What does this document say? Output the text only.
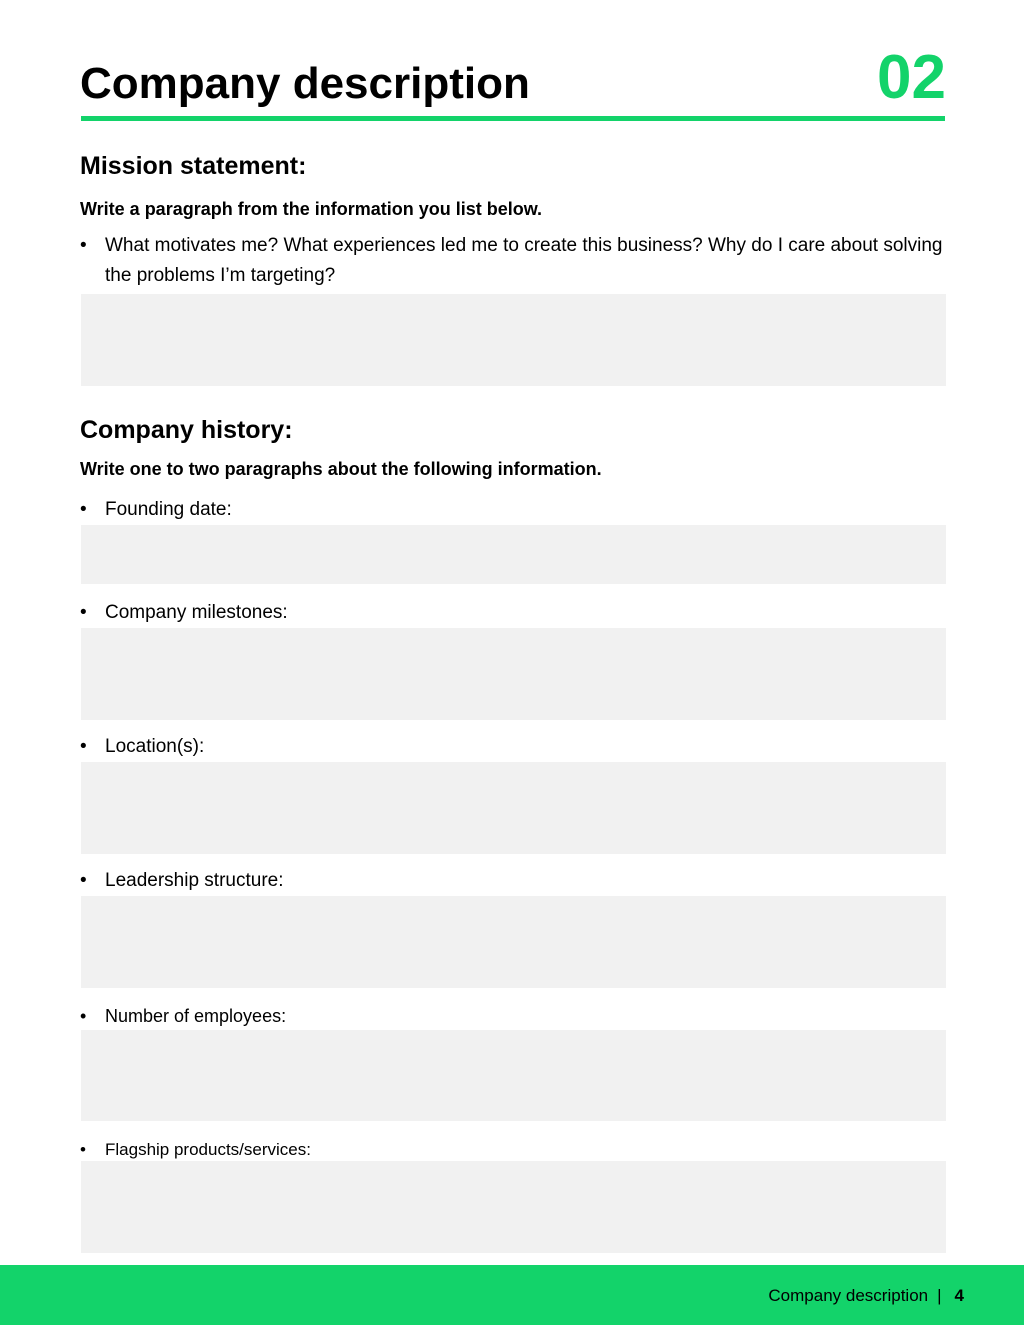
Company description	02
Mission statement:
Write a paragraph from the information you list below.
• What motivates me? What experiences led me to create this business? Why do I care about solving the problems I’m targeting?
Company history:
Write one to two paragraphs about the following information.
• Founding date:
• Company milestones:
• Location(s):
• Leadership structure:
•	Number of employees:
•	Flagship products/services:
Company description | 4
